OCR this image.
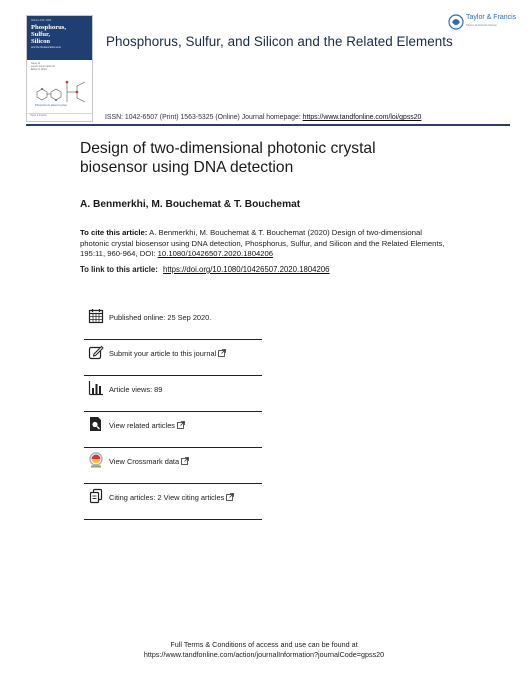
Volume 195, 2020
Phosphorus,
Sulfur,
Silicon
and the Related Elements
Issue 11
Lorem ipsum dolor sit
Editor in Chief
Phosphorus Heterocycles
Taylor & Francis
Phosphorus, Sulfur, and Silicon and the Related Elements
Taylor & Francis
Taylor & Francis Group
ISSN: 1042-6507 (Print) 1563-5325 (Online) Journal homepage: https://www.tandfonline.com/loi/gpss20
Design of two-dimensional photonic crystal biosensor using DNA detection
A. Benmerkhi, M. Bouchemat & T. Bouchemat
To cite this article: A. Benmerkhi, M. Bouchemat & T. Bouchemat (2020) Design of two-dimensional photonic crystal biosensor using DNA detection, Phosphorus, Sulfur, and Silicon and the Related Elements, 195:11, 960-964, DOI: 10.1080/10426507.2020.1804206
To link to this article: https://doi.org/10.1080/10426507.2020.1804206
Published online: 25 Sep 2020.
Submit your article to this journal
Article views: 89
View related articles
View Crossmark data
Citing articles: 2 View citing articles
Full Terms & Conditions of access and use can be found at
https://www.tandfonline.com/action/journalInformation?journalCode=gpss20
